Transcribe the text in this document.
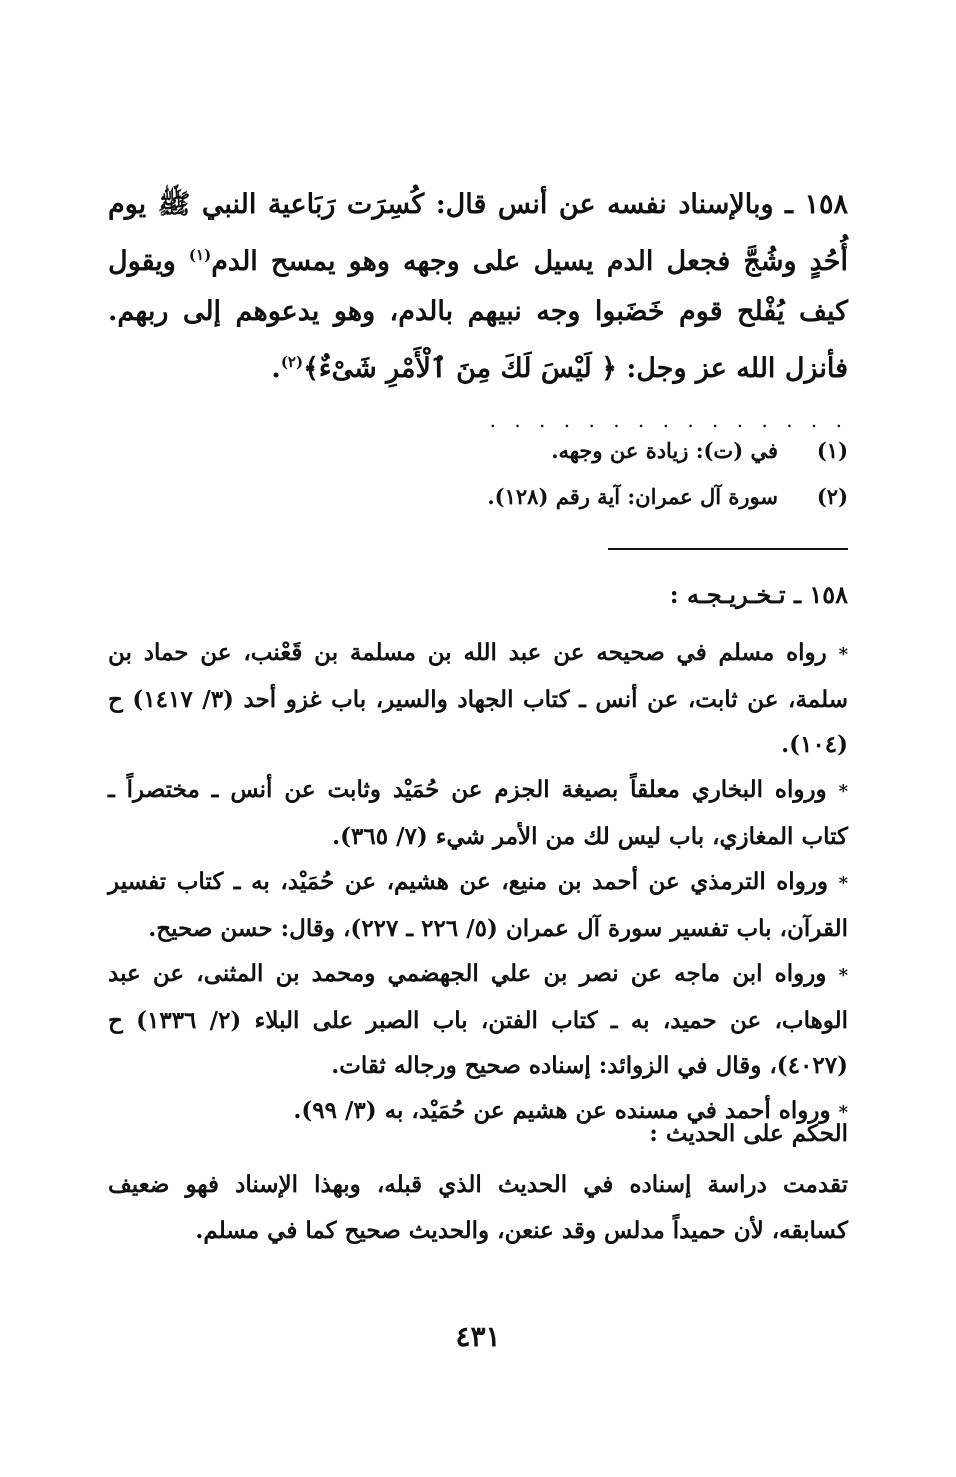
١٥٨ ـ وبالإسناد نفسه عن أنس قال: كُسِرَت رَبَاعية النبي ﷺ يوم أُحُدٍ وشُجَّ فجعل الدم يسيل على وجهه وهو يمسح الدم$^{(١)}$ ويقول كيف يُفْلح قوم خَضَبوا وجه نبيهم بالدم، وهو يدعوهم إلى ربهم. فأنزل الله عز وجل: ﴿ لَيْسَ لَكَ مِنَ ٱلْأَمْرِ شَىْءٌ﴾$^{(٢)}$.
. . . . . . . . . . . . . . .
(١)في (ت): زيادة عن وجهه.
(٢)سورة آل عمران: آية رقم (١٢٨).
١٥٨ ـ تـخـريـجـه :

* رواه مسلم في صحيحه عن عبد الله بن مسلمة بن قَعْنب، عن حماد بن سلمة، عن ثابت، عن أنس ـ كتاب الجهاد والسير، باب غزو أحد (٣/ ١٤١٧) ح (١٠٤).

* ورواه البخاري معلقاً بصيغة الجزم عن حُمَيْد وثابت عن أنس ـ مختصراً ـ كتاب المغازي، باب ليس لك من الأمر شيء (٧/ ٣٦٥).

* ورواه الترمذي عن أحمد بن منيع، عن هشيم، عن حُمَيْد، به ـ كتاب تفسير القرآن، باب تفسير سورة آل عمران (٥/ ٢٢٦ ـ ٢٢٧)، وقال: حسن صحيح.

* ورواه ابن ماجه عن نصر بن علي الجهضمي ومحمد بن المثنى، عن عبد الوهاب، عن حميد، به ـ كتاب الفتن، باب الصبر على البلاء (٢/ ١٣٣٦) ح (٤٠٢٧)، وقال في الزوائد: إسناده صحيح ورجاله ثقات.

* ورواه أحمد في مسنده عن هشيم عن حُمَيْد، به (٣/ ٩٩).

الحكم على الحديث :
تقدمت دراسة إسناده في الحديث الذي قبله، وبهذا الإسناد فهو ضعيف كسابقه، لأن حميداً مدلس وقد عنعن، والحديث صحيح كما في مسلم.
٤٣١
